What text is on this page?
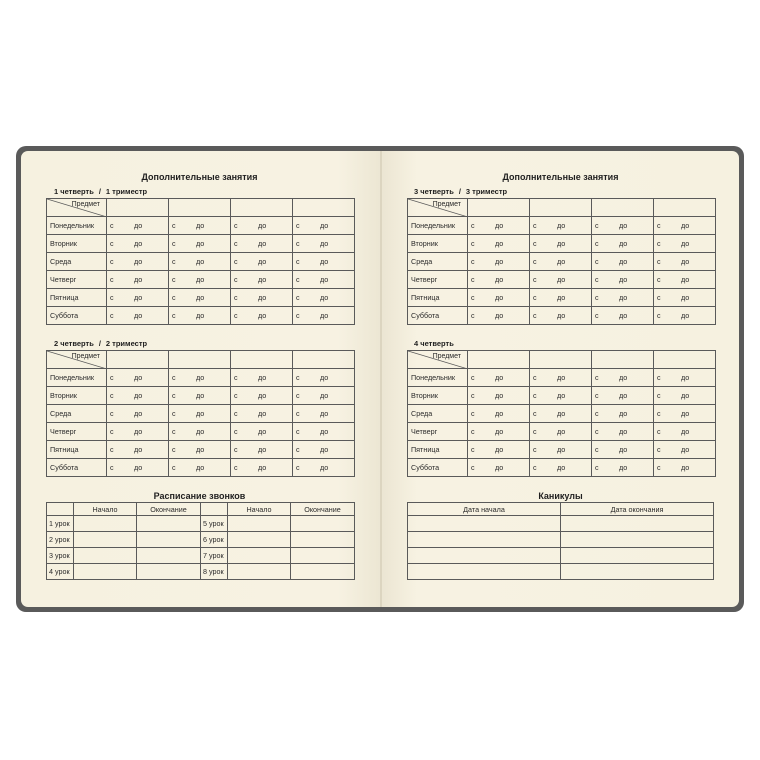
Дополнительные занятия
1 четверть / 1 триместр
Предмет				

Понедельник	с до	с до	с до	с до

Вторник	с до	с до	с до	с до

Среда	с до	с до	с до	с до

Четверг	с до	с до	с до	с до

Пятница	с до	с до	с до	с до

Суббота	с до	с до	с до	с до
2 четверть / 2 триместр
Предмет				

Понедельник	с до	с до	с до	с до

Вторник	с до	с до	с до	с до

Среда	с до	с до	с до	с до

Четверг	с до	с до	с до	с до

Пятница	с до	с до	с до	с до

Суббота	с до	с до	с до	с до
Расписание звонков
	Начало	Окончание		Начало	Окончание
1 урок			5 урок		
2 урок			6 урок		
3 урок			7 урок		
4 урок			8 урок		
Дополнительные занятия
3 четверть / 3 триместр
Предмет				

Понедельник	с до	с до	с до	с до

Вторник	с до	с до	с до	с до

Среда	с до	с до	с до	с до

Четверг	с до	с до	с до	с до

Пятница	с до	с до	с до	с до

Суббота	с до	с до	с до	с до
4 четверть
Предмет				

Понедельник	с до	с до	с до	с до

Вторник	с до	с до	с до	с до

Среда	с до	с до	с до	с до

Четверг	с до	с до	с до	с до

Пятница	с до	с до	с до	с до

Суббота	с до	с до	с до	с до
Каникулы
Дата начала	Дата окончания
